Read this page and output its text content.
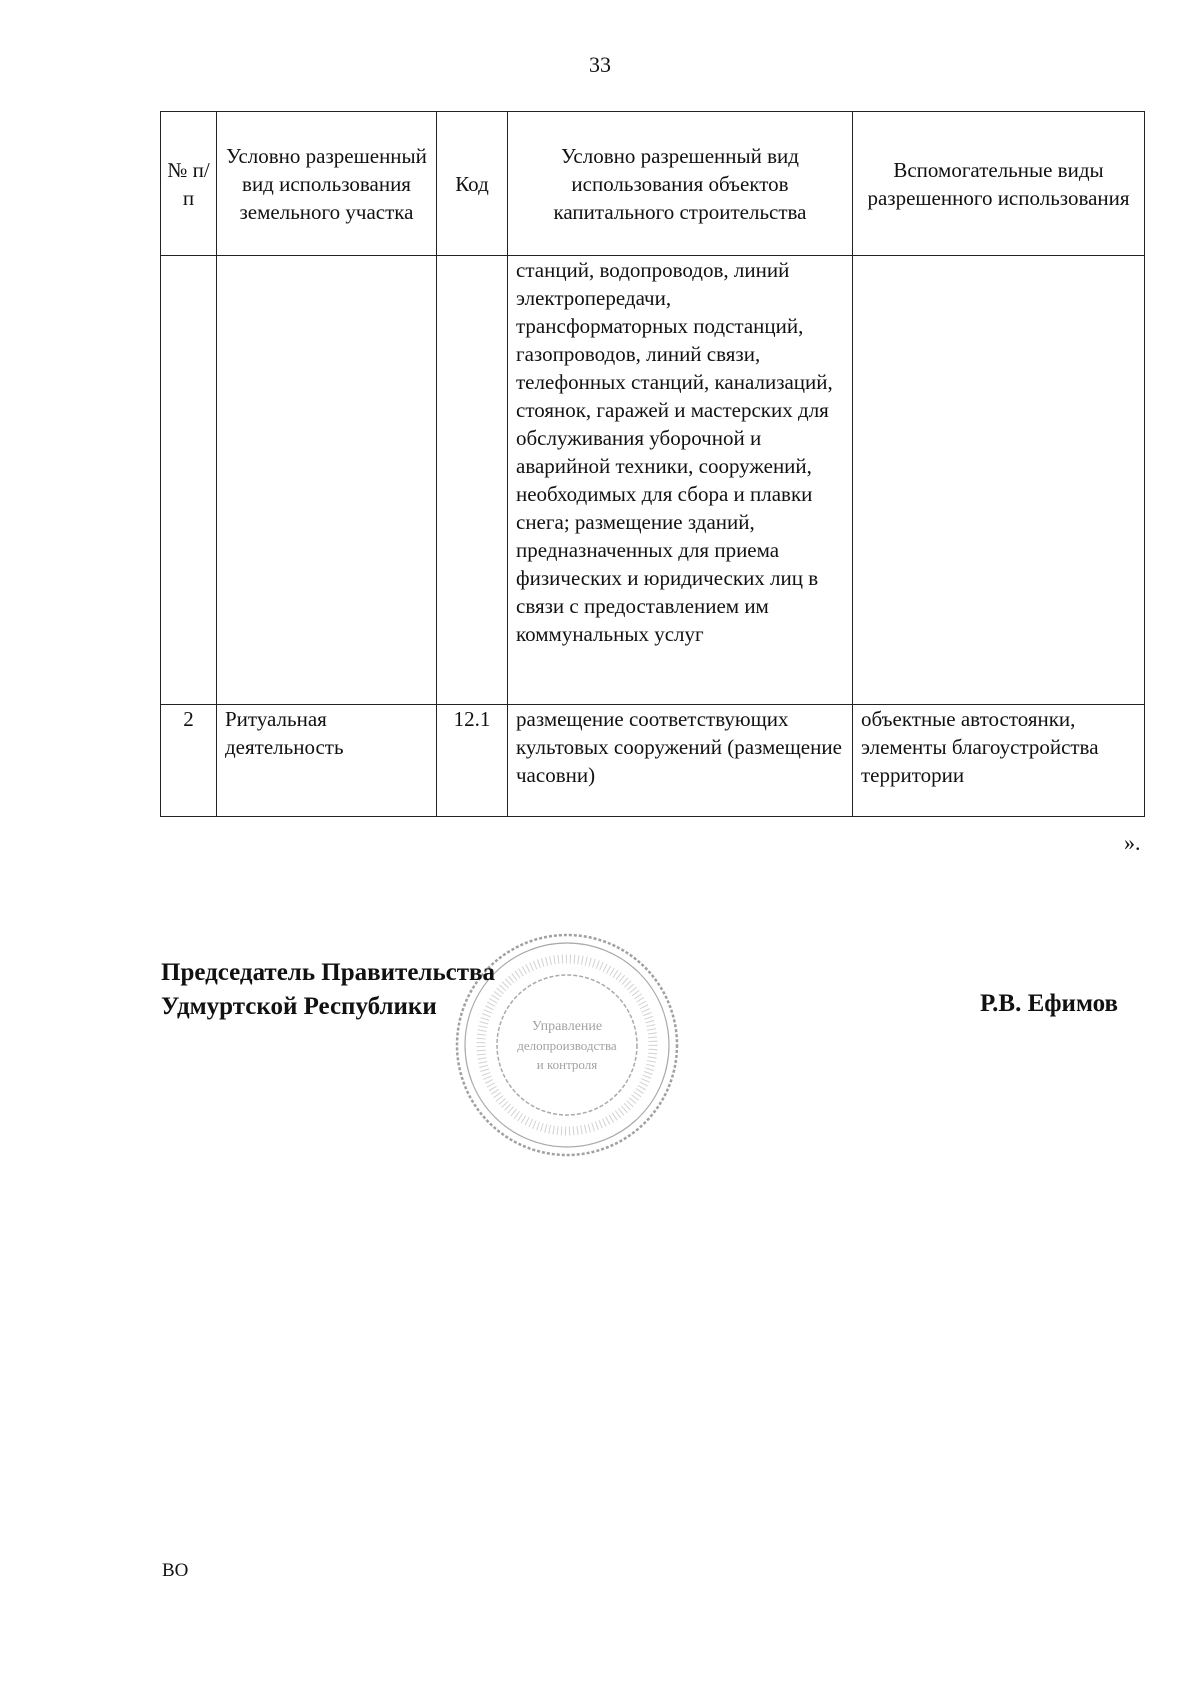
33
№ п/п	Условно разрешенный вид использования земельного участка	Код	Условно разрешенный вид использования объектов капитального строительства	Вспомогательные виды разрешенного использования

			станций, водопроводов, линий электропередачи, трансформаторных подстанций, газопроводов, линий связи, телефонных станций, канализаций, стоянок, гаражей и мастерских для обслуживания уборочной и аварийной техники, сооружений, необходимых для сбора и плавки снега; размещение зданий, предназначенных для приема физических и юридических лиц в связи с предоставлением им коммунальных услуг	

2	Ритуальная деятельность	12.1	размещение соответствующих культовых сооружений (размещение часовни)	объектные автостоянки, элементы благоустройства территории
».
Управление
делопроизводства
и контроля
Председатель Правительства
Удмуртской Республики	Р.В. Ефимов
ВО
